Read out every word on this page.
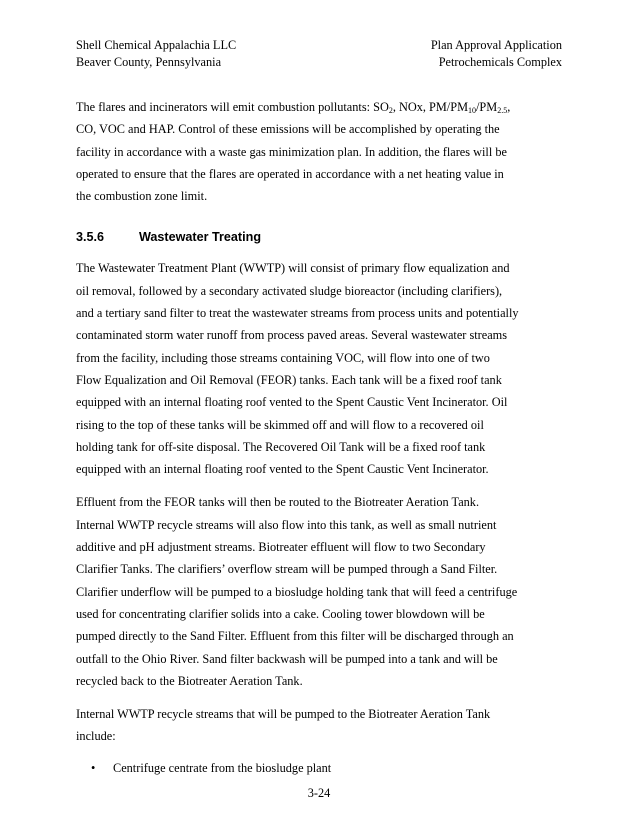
Shell Chemical Appalachia LLC
Beaver County, Pennsylvania
Plan Approval Application
Petrochemicals Complex

The flares and incinerators will emit combustion pollutants: $SO_2$, NOx, $PM/PM_{10}/PM_{2.5}$,
CO, VOC and HAP. Control of these emissions will be accomplished by operating the
facility in accordance with a waste gas minimization plan. In addition, the flares will be
operated to ensure that the flares are operated in accordance with a net heating value in
the combustion zone limit.

3.5.6	Wastewater Treating

The Wastewater Treatment Plant (WWTP) will consist of primary flow equalization and
oil removal, followed by a secondary activated sludge bioreactor (including clarifiers),
and a tertiary sand filter to treat the wastewater streams from process units and potentially
contaminated storm water runoff from process paved areas. Several wastewater streams
from the facility, including those streams containing VOC, will flow into one of two
Flow Equalization and Oil Removal (FEOR) tanks. Each tank will be a fixed roof tank
equipped with an internal floating roof vented to the Spent Caustic Vent Incinerator. Oil
rising to the top of these tanks will be skimmed off and will flow to a recovered oil
holding tank for off-site disposal. The Recovered Oil Tank will be a fixed roof tank
equipped with an internal floating roof vented to the Spent Caustic Vent Incinerator.

Effluent from the FEOR tanks will then be routed to the Biotreater Aeration Tank.
Internal WWTP recycle streams will also flow into this tank, as well as small nutrient
additive and pH adjustment streams. Biotreater effluent will flow to two Secondary
Clarifier Tanks. The clarifiers’ overflow stream will be pumped through a Sand Filter.
Clarifier underflow will be pumped to a biosludge holding tank that will feed a centrifuge
used for concentrating clarifier solids into a cake. Cooling tower blowdown will be
pumped directly to the Sand Filter. Effluent from this filter will be discharged through an
outfall to the Ohio River. Sand filter backwash will be pumped into a tank and will be
recycled back to the Biotreater Aeration Tank.

Internal WWTP recycle streams that will be pumped to the Biotreater Aeration Tank
include:

• Centrifuge centrate from the biosludge plant
3-24
